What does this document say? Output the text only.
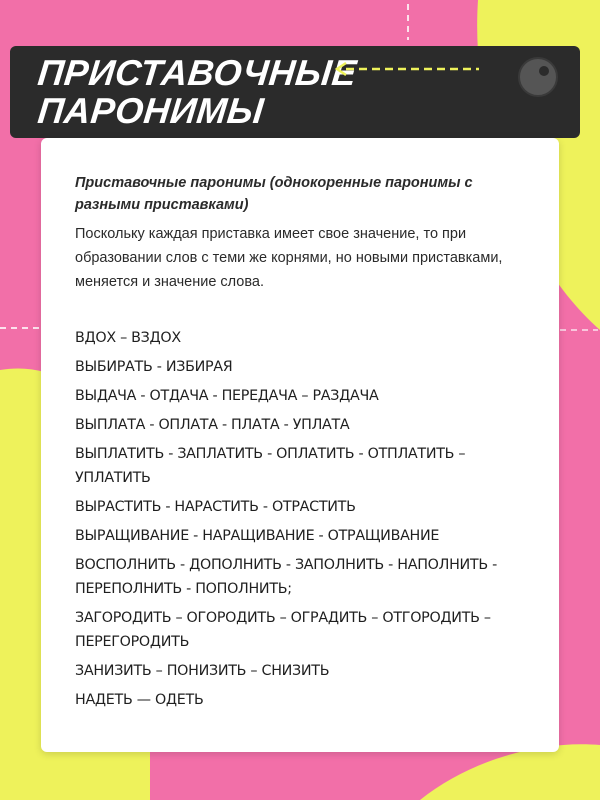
ПРИСТАВОЧНЫЕ
ПАРОНИМЫ
Приставочные паронимы (однокоренные паронимы с разными приставками)
Поскольку каждая приставка имеет свое значение, то при образовании слов с теми же корнями, но новыми приставками, меняется и значение слова.
ВДОХ – ВЗДОХ
ВЫБИРАТЬ - ИЗБИРАЯ
ВЫДАЧА - ОТДАЧА - ПЕРЕДАЧА – РАЗДАЧА
ВЫПЛАТА - ОПЛАТА - ПЛАТА - УПЛАТА
ВЫПЛАТИТЬ - ЗАПЛАТИТЬ - ОПЛАТИТЬ - ОТПЛАТИТЬ – УПЛАТИТЬ
ВЫРАСТИТЬ - НАРАСТИТЬ - ОТРАСТИТЬ
ВЫРАЩИВАНИЕ - НАРАЩИВАНИЕ - ОТРАЩИВАНИЕ
ВОСПОЛНИТЬ - ДОПОЛНИТЬ - ЗАПОЛНИТЬ - НАПОЛНИТЬ - ПЕРЕПОЛНИТЬ - ПОПОЛНИТЬ;
ЗАГОРОДИТЬ – ОГОРОДИТЬ – ОГРАДИТЬ – ОТГОРОДИТЬ – ПЕРЕГОРОДИТЬ
ЗАНИЗИТЬ – ПОНИЗИТЬ – СНИЗИТЬ
НАДЕТЬ — ОДЕТЬ
